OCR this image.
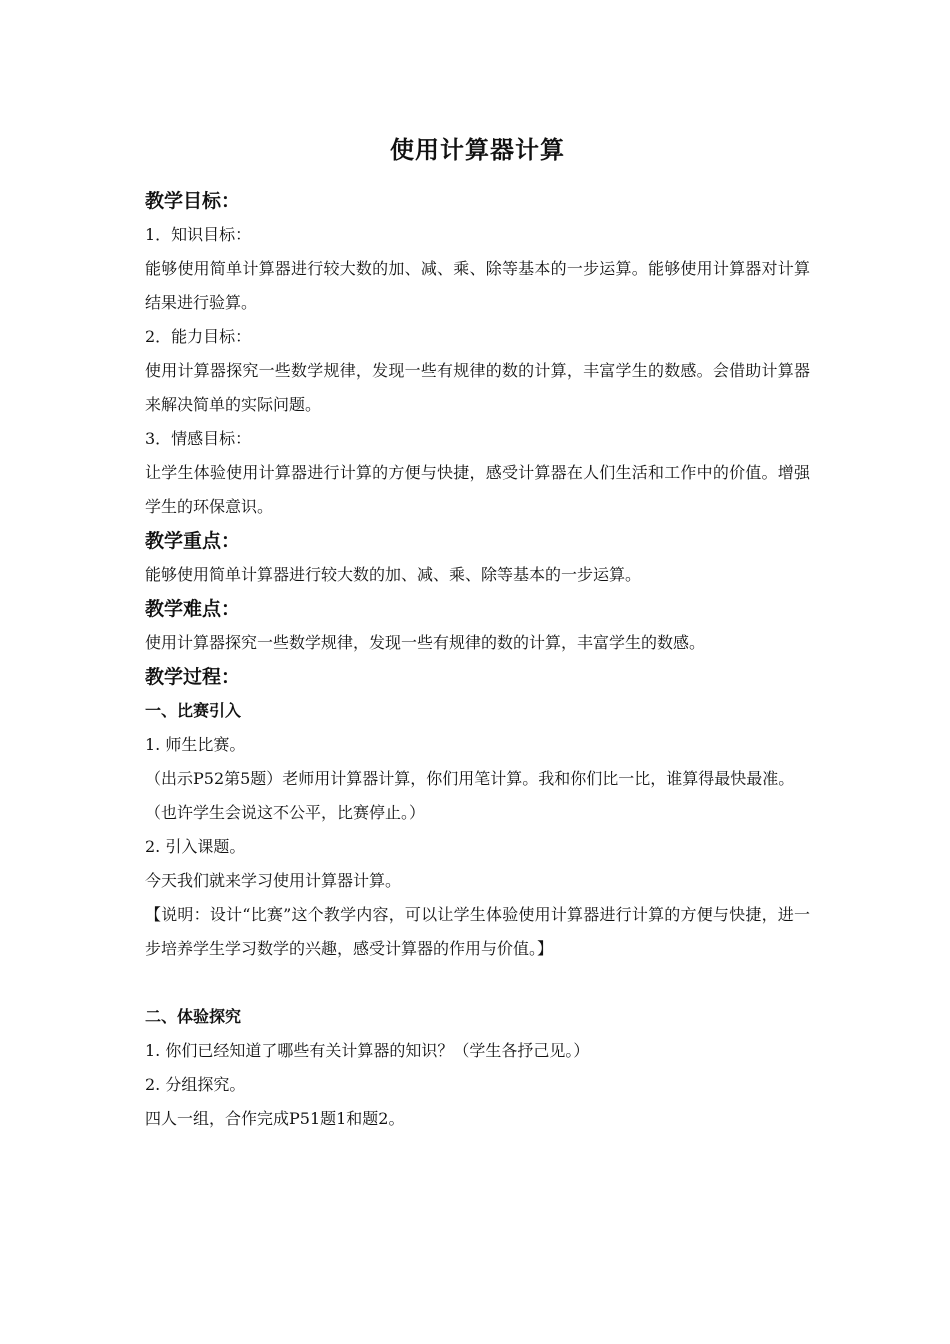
使用计算器计算
教学目标：
1．知识目标：
能够使用简单计算器进行较大数的加、减、乘、除等基本的一步运算。能够使用计算器对计算结果进行验算。
2．能力目标：
使用计算器探究一些数学规律，发现一些有规律的数的计算，丰富学生的数感。会借助计算器来解决简单的实际问题。
3．情感目标：
让学生体验使用计算器进行计算的方便与快捷，感受计算器在人们生活和工作中的价值。增强学生的环保意识。
教学重点：
能够使用简单计算器进行较大数的加、减、乘、除等基本的一步运算。
教学难点：
使用计算器探究一些数学规律，发现一些有规律的数的计算，丰富学生的数感。
教学过程：
一、比赛引入
1. 师生比赛。
（出示P52第5题）老师用计算器计算，你们用笔计算。我和你们比一比，谁算得最快最准。
（也许学生会说这不公平，比赛停止。）
2. 引入课题。
今天我们就来学习使用计算器计算。
【说明：设计“比赛”这个教学内容，可以让学生体验使用计算器进行计算的方便与快捷，进一步培养学生学习数学的兴趣，感受计算器的作用与价值。】
二、体验探究
1. 你们已经知道了哪些有关计算器的知识？（学生各抒己见。）
2. 分组探究。
四人一组，合作完成P51题1和题2。
